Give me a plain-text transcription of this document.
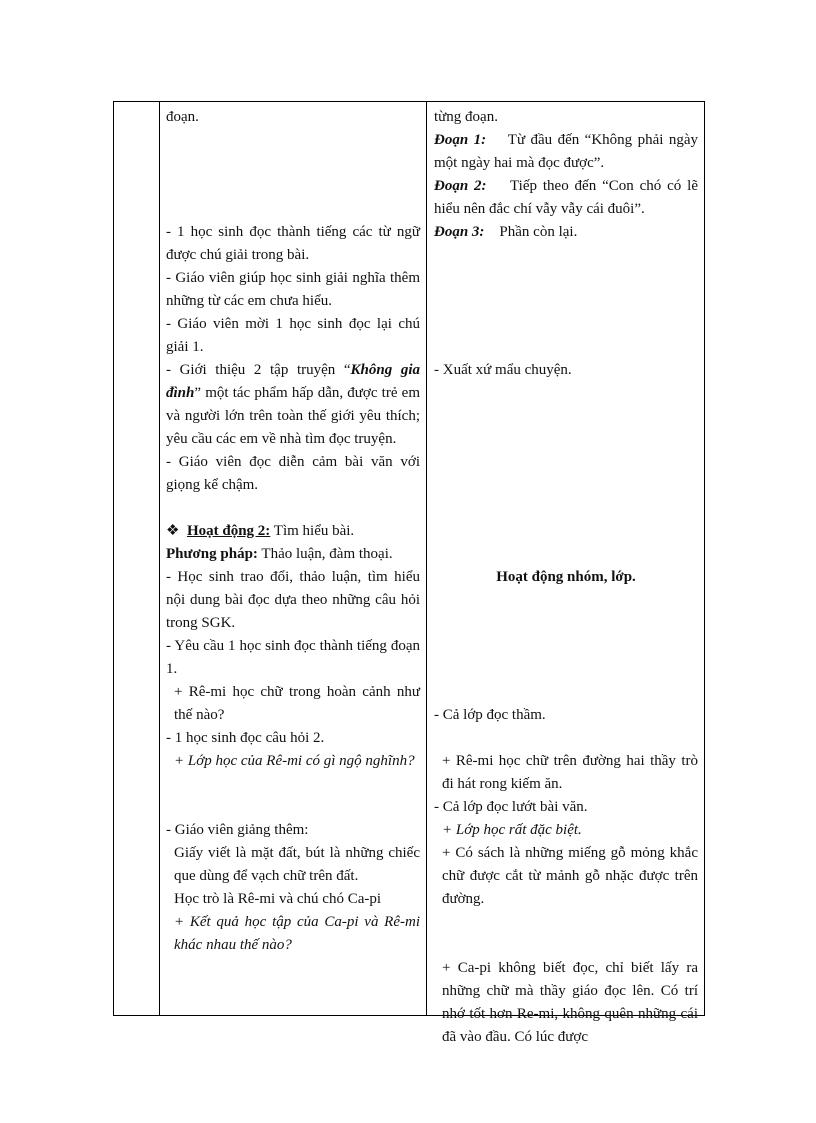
đoạn.

- 1 học sinh đọc thành tiếng các từ ngữ được chú giải trong bài.

- Giáo viên giúp học sinh giải nghĩa thêm những từ các em chưa hiểu.

- Giáo viên mời 1 học sinh đọc lại chú giải 1.

- Giới thiệu 2 tập truyện “Không gia đình” một tác phẩm hấp dẫn, được trẻ em và người lớn trên toàn thế giới yêu thích; yêu cầu các em về nhà tìm đọc truyện.

- Giáo viên đọc diễn cảm bài văn với giọng kể chậm.

❖ Hoạt động 2: Tìm hiểu bài.

Phương pháp: Thảo luận, đàm thoại.

- Học sinh trao đổi, thảo luận, tìm hiểu nội dung bài đọc dựa theo những câu hỏi trong SGK.

- Yêu cầu 1 học sinh đọc thành tiếng đoạn 1.

+ Rê-mi học chữ trong hoàn cảnh như thế nào?

- 1 học sinh đọc câu hỏi 2.

+ Lớp học của Rê-mi có gì ngộ nghĩnh?

- Giáo viên giảng thêm:

Giấy viết là mặt đất, bút là những chiếc que dùng để vạch chữ trên đất.

Học trò là Rê-mi và chú chó Ca-pi

+ Kết quả học tập của Ca-pi và Rê-mi khác nhau thế nào?

từng đoạn.

Đoạn 1: Từ đầu đến “Không phải ngày một ngày hai mà đọc được”.

Đoạn 2: Tiếp theo đến “Con chó có lẽ hiểu nên đắc chí vẫy vẫy cái đuôi”.

Đoạn 3: Phần còn lại.

- Xuất xứ mẩu chuyện.

Hoạt động nhóm, lớp.

- Cả lớp đọc thầm.

+ Rê-mi học chữ trên đường hai thầy trò đi hát rong kiếm ăn.

- Cả lớp đọc lướt bài văn.

+ Lớp học rất đặc biệt.

+ Có sách là những miếng gỗ mỏng khắc chữ được cắt từ mảnh gỗ nhặc được trên đường.

+ Ca-pi không biết đọc, chỉ biết lấy ra những chữ mà thầy giáo đọc lên. Có trí nhớ tốt hơn Re-mi, không quên những cái đã vào đầu. Có lúc được
